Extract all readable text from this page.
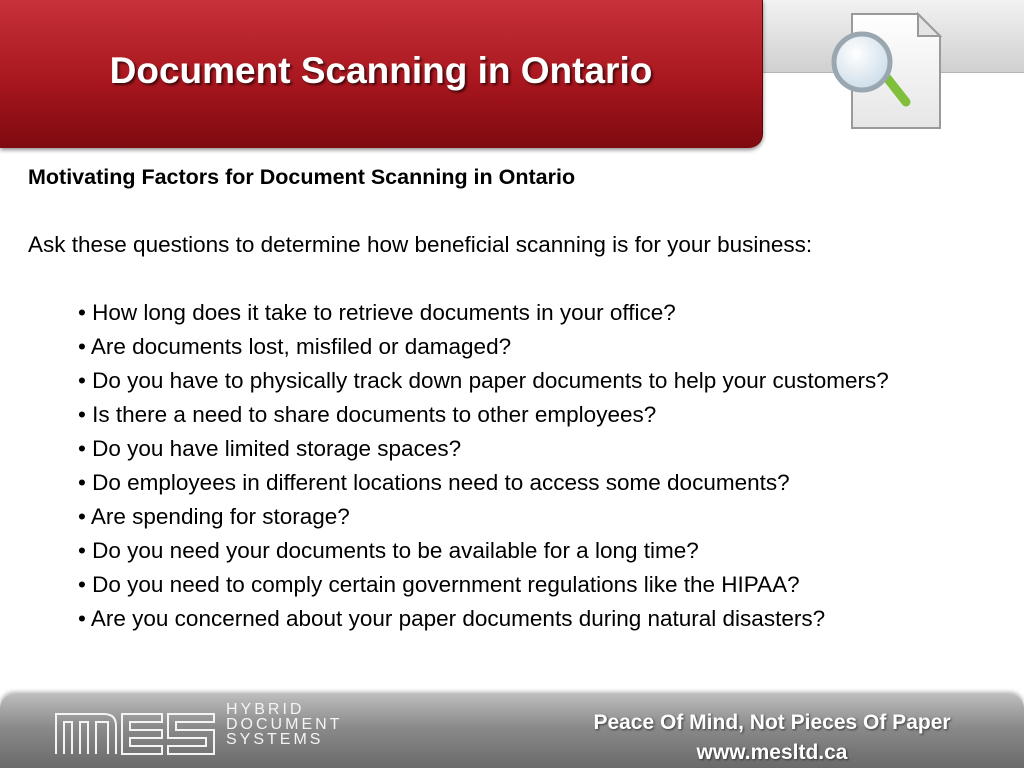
Document Scanning in Ontario
Motivating Factors for Document Scanning in Ontario
Ask these questions to determine how beneficial scanning is for your business:
• How long does it take to retrieve documents in your office?
• Are documents lost, misfiled or damaged?
• Do you have to physically track down paper documents to help your customers?
• Is there a need to share documents to other employees?
• Do you have limited storage spaces?
• Do employees in different locations need to access some documents?
• Are spending for storage?
• Do you need your documents to be available for a long time?
• Do you need to comply certain government regulations like the HIPAA?
• Are you concerned about your paper documents during natural disasters?
HYBRID
DOCUMENT
SYSTEMS
Peace Of Mind, Not Pieces Of Paper
www.mesltd.ca
